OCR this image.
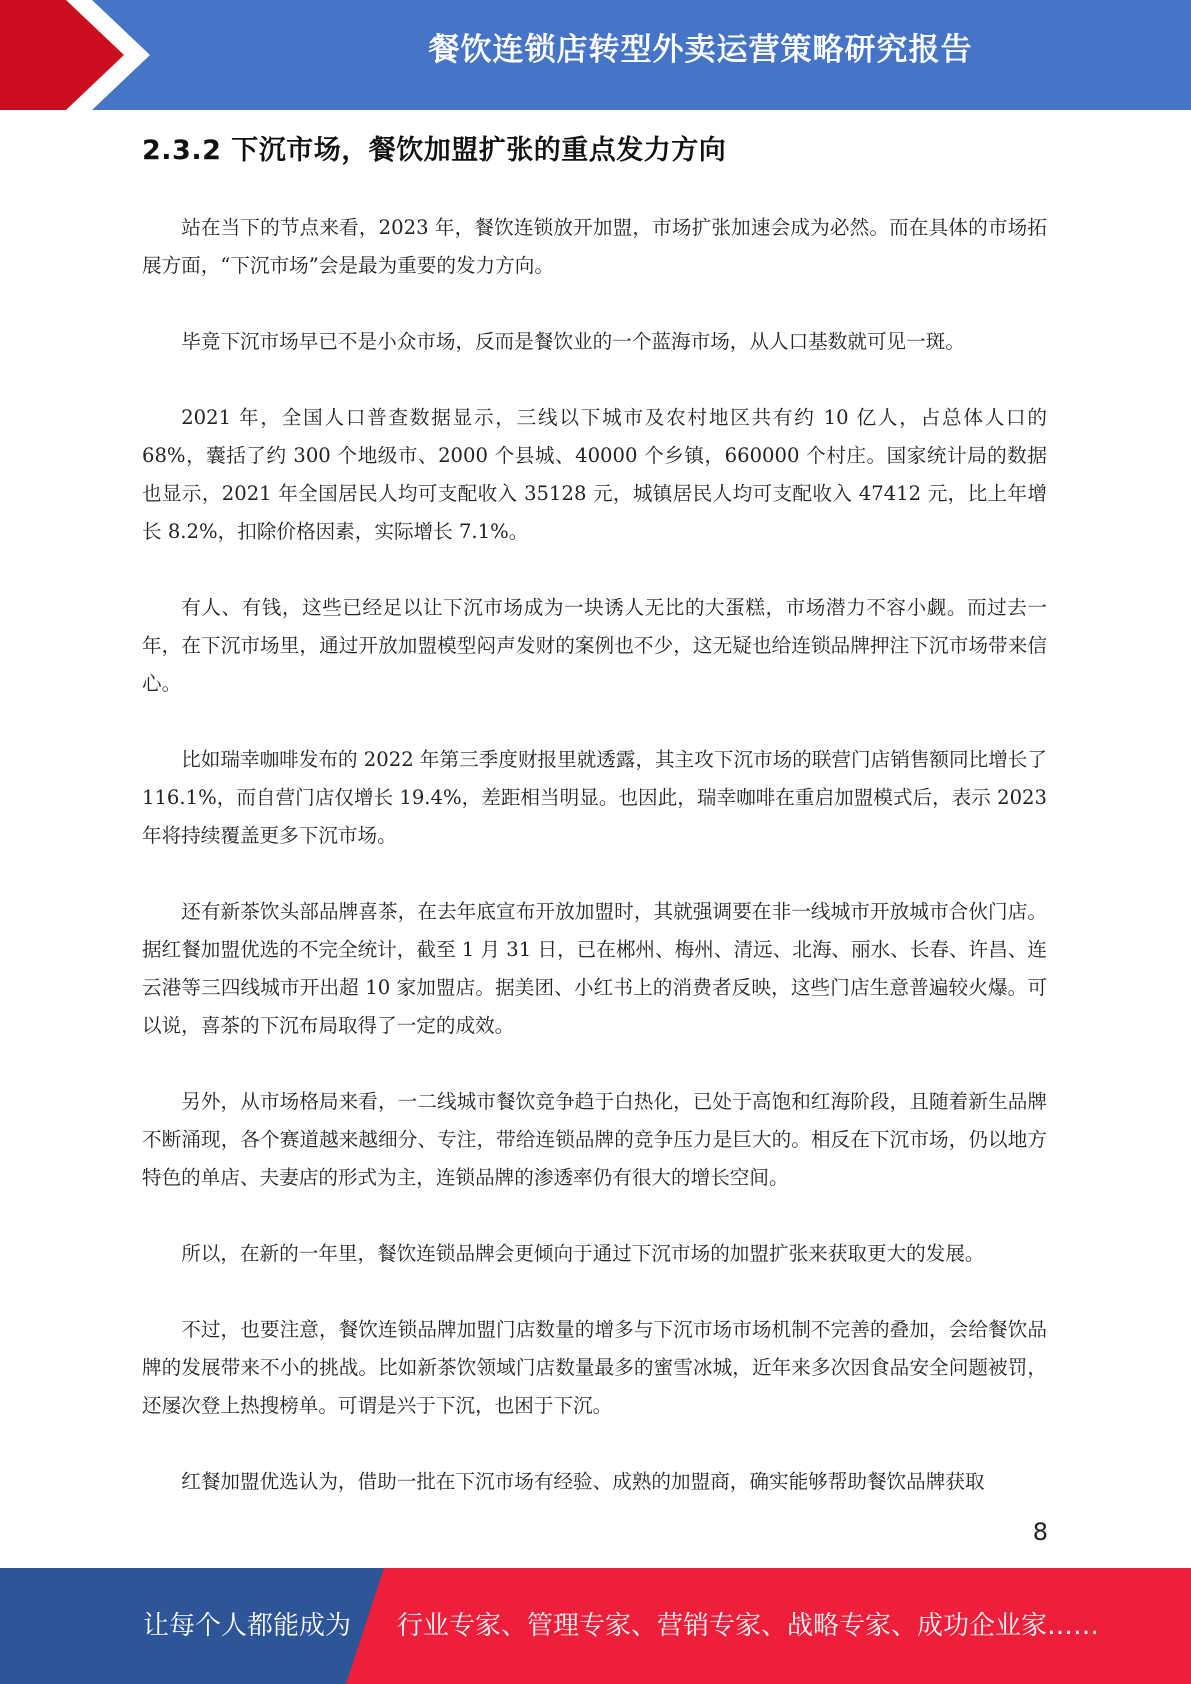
餐饮连锁店转型外卖运营策略研究报告
2.3.2 下沉市场，餐饮加盟扩张的重点发力方向

站在当下的节点来看，2023 年，餐饮连锁放开加盟，市场扩张加速会成为必然。而在具体的市场拓展方面，“下沉市场”会是最为重要的发力方向。

毕竟下沉市场早已不是小众市场，反而是餐饮业的一个蓝海市场，从人口基数就可见一斑。

2021 年，全国人口普查数据显示，三线以下城市及农村地区共有约 10 亿人，占总体人口的 68%，囊括了约 300 个地级市、2000 个县城、40000 个乡镇，660000 个村庄。国家统计局的数据也显示，2021 年全国居民人均可支配收入 35128 元，城镇居民人均可支配收入 47412 元，比上年增长 8.2%，扣除价格因素，实际增长 7.1%。

有人、有钱，这些已经足以让下沉市场成为一块诱人无比的大蛋糕，市场潜力不容小觑。而过去一年，在下沉市场里，通过开放加盟模型闷声发财的案例也不少，这无疑也给连锁品牌押注下沉市场带来信心。

比如瑞幸咖啡发布的 2022 年第三季度财报里就透露，其主攻下沉市场的联营门店销售额同比增长了 116.1%，而自营门店仅增长 19.4%，差距相当明显。也因此，瑞幸咖啡在重启加盟模式后，表示 2023 年将持续覆盖更多下沉市场。

还有新茶饮头部品牌喜茶，在去年底宣布开放加盟时，其就强调要在非一线城市开放城市合伙门店。据红餐加盟优选的不完全统计，截至 1 月 31 日，已在郴州、梅州、清远、北海、丽水、长春、许昌、连云港等三四线城市开出超 10 家加盟店。据美团、小红书上的消费者反映，这些门店生意普遍较火爆。可以说，喜茶的下沉布局取得了一定的成效。

另外，从市场格局来看，一二线城市餐饮竞争趋于白热化，已处于高饱和红海阶段，且随着新生品牌不断涌现，各个赛道越来越细分、专注，带给连锁品牌的竞争压力是巨大的。相反在下沉市场，仍以地方特色的单店、夫妻店的形式为主，连锁品牌的渗透率仍有很大的增长空间。

所以，在新的一年里，餐饮连锁品牌会更倾向于通过下沉市场的加盟扩张来获取更大的发展。

不过，也要注意，餐饮连锁品牌加盟门店数量的增多与下沉市场市场机制不完善的叠加，会给餐饮品牌的发展带来不小的挑战。比如新茶饮领域门店数量最多的蜜雪冰城，近年来多次因食品安全问题被罚，还屡次登上热搜榜单。可谓是兴于下沉，也困于下沉。

红餐加盟优选认为，借助一批在下沉市场有经验、成熟的加盟商，确实能够帮助餐饮品牌获取

8
让每个人都能成为 行业专家、管理专家、营销专家、战略专家、成功企业家……
